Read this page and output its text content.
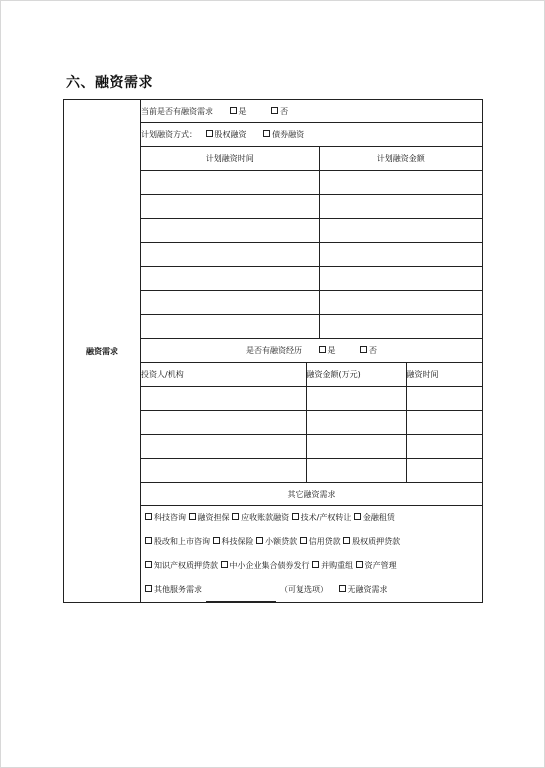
六、融资需求
融资需求	当前是否有融资需求	是	否
计划融资方式： 股权融资	债券融资

计划融资时间	计划融资金额

是否有融资经历	是	否

投资人/机构	融资金额(万元)	融资时间

其它融资需求

科技咨询 融资担保 应收账款融资 技术/产权转让 金融租赁
股改和上市咨询 科技保险 小额贷款 信用贷款 股权质押贷款
知识产权质押贷款 中小企业集合债券发行 并购重组 资产管理
其他服务需求	（可复选项） 无融资需求
